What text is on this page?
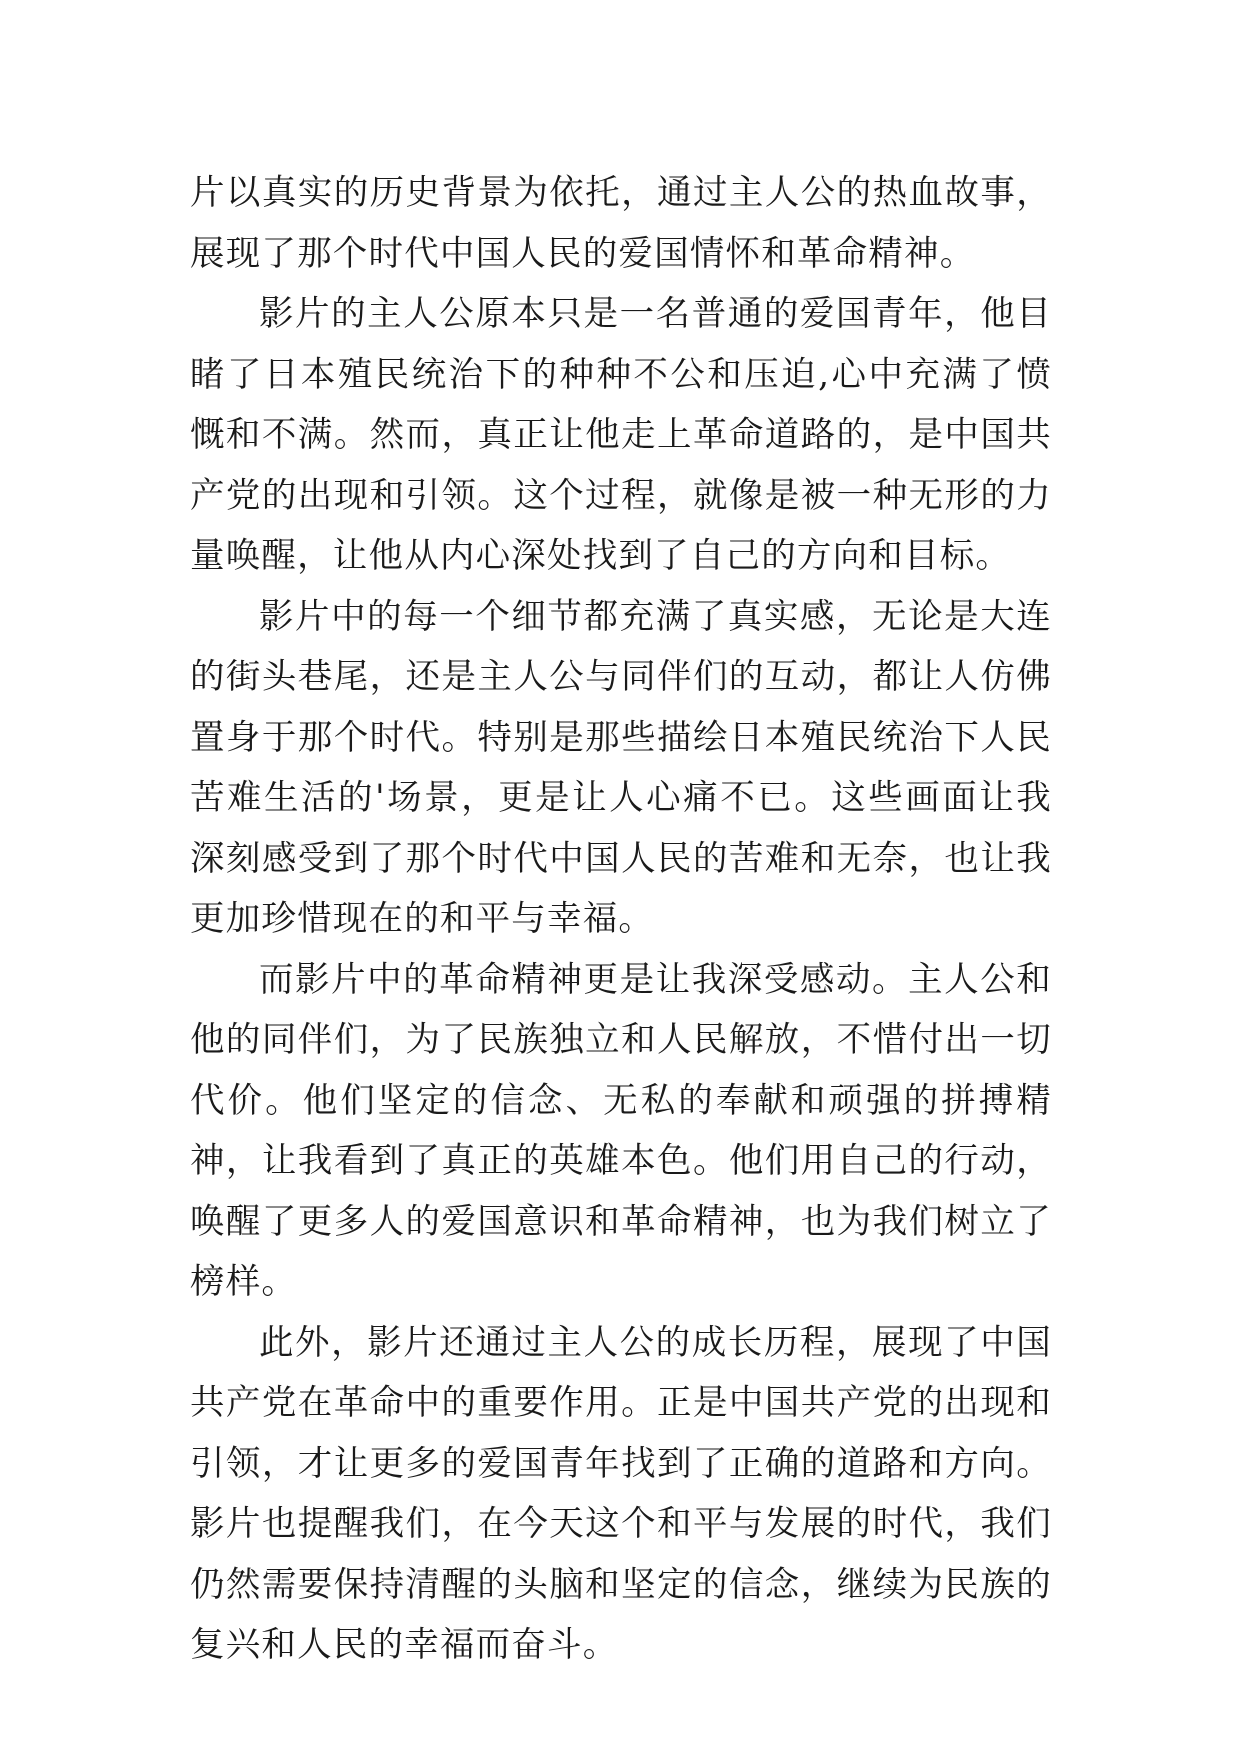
片以真实的历史背景为依托，通过主人公的热血故事，展现了那个时代中国人民的爱国情怀和革命精神。

影片的主人公原本只是一名普通的爱国青年，他目睹了日本殖民统治下的种种不公和压迫,心中充满了愤慨和不满。然而，真正让他走上革命道路的，是中国共产党的出现和引领。这个过程，就像是被一种无形的力量唤醒，让他从内心深处找到了自己的方向和目标。

影片中的每一个细节都充满了真实感，无论是大连的街头巷尾，还是主人公与同伴们的互动，都让人仿佛置身于那个时代。特别是那些描绘日本殖民统治下人民苦难生活的'场景，更是让人心痛不已。这些画面让我深刻感受到了那个时代中国人民的苦难和无奈，也让我更加珍惜现在的和平与幸福。

而影片中的革命精神更是让我深受感动。主人公和他的同伴们，为了民族独立和人民解放，不惜付出一切代价。他们坚定的信念、无私的奉献和顽强的拼搏精神，让我看到了真正的英雄本色。他们用自己的行动，唤醒了更多人的爱国意识和革命精神，也为我们树立了榜样。

此外，影片还通过主人公的成长历程，展现了中国共产党在革命中的重要作用。正是中国共产党的出现和引领，才让更多的爱国青年找到了正确的道路和方向。影片也提醒我们，在今天这个和平与发展的时代，我们仍然需要保持清醒的头脑和坚定的信念，继续为民族的复兴和人民的幸福而奋斗。
